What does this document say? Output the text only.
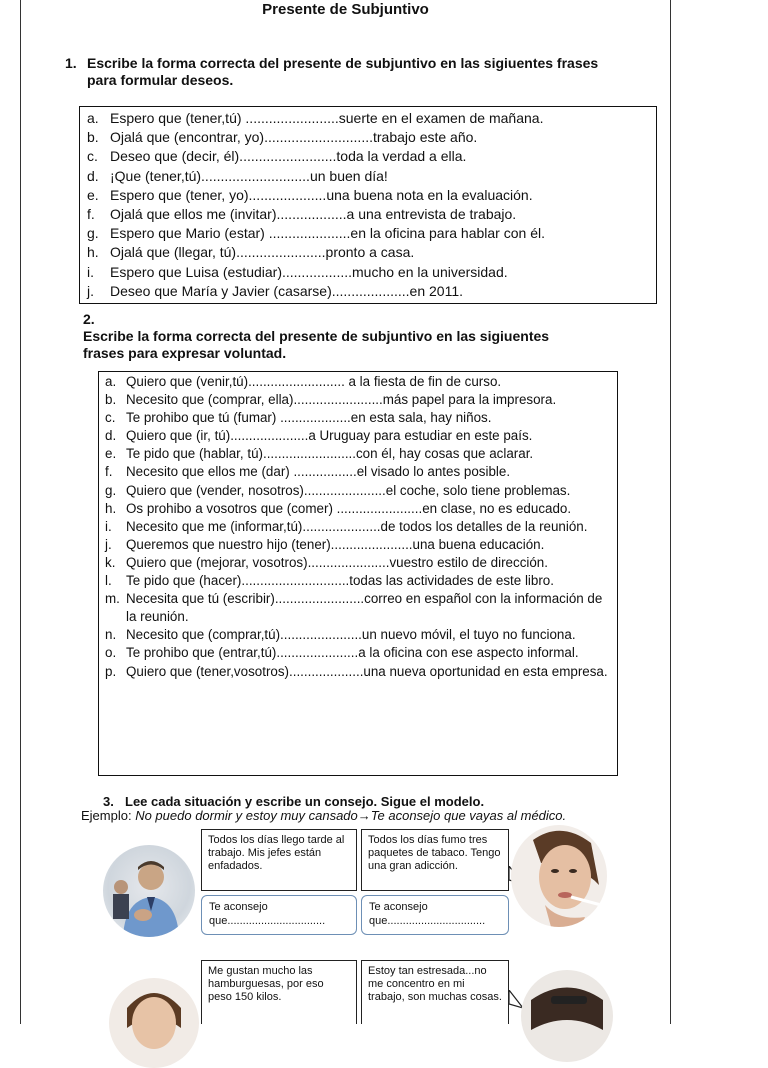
Presente de Subjuntivo
1. Escribe la forma correcta del presente de subjuntivo en las sigiuentes frases para formular deseos.
a. Espero que (tener,tú) ........................suerte en el examen de mañana.
b. Ojalá que (encontrar, yo)............................trabajo este año.
c. Deseo que (decir, él).........................toda la verdad a ella.
d. ¡Que (tener,tú)............................un buen día!
e. Espero que (tener, yo)....................una buena nota en la evaluación.
f. Ojalá que ellos me (invitar)..................a una entrevista de trabajo.
g. Espero que Mario (estar) .....................en la oficina para hablar con él.
h. Ojalá que (llegar, tú).......................pronto a casa.
i. Espero que Luisa (estudiar)..................mucho en la universidad.
j. Deseo que María y Javier (casarse)....................en 2011.
2.Escribe la forma correcta del presente de subjuntivo en las sigiuentes frases para expresar voluntad.
a. Quiero que (venir,tú).......................... a la fiesta de fin de curso.
b. Necesito que (comprar, ella)........................más papel para la impresora.
c. Te prohibo que tú (fumar) ...................en esta sala, hay niños.
d. Quiero que (ir, tú).....................a Uruguay para estudiar en este país.
e. Te pido que (hablar, tú).........................con él, hay cosas que aclarar.
f. Necesito que ellos me (dar) .................el visado lo antes posible.
g. Quiero que (vender, nosotros)......................el coche, solo tiene problemas.
h. Os prohibo a vosotros que (comer) .......................en clase, no es educado.
i. Necesito que me (informar,tú).....................de todos los detalles de la reunión.
j. Queremos que nuestro hijo (tener)......................una buena educación.
k. Quiero que (mejorar, vosotros)......................vuestro estilo de dirección.
l. Te pido que (hacer).............................todas las actividades de este libro.
m. Necesita que tú (escribir)........................correo en español con la información de la reunión.
n. Necesito que (comprar,tú)......................un nuevo móvil, el tuyo no funciona.
o. Te prohibo que (entrar,tú)......................a la oficina con ese aspecto informal.
p. Quiero que (tener,vosotros)....................una nueva oportunidad en esta empresa.
3. Lee cada situación y escribe un consejo. Sigue el modelo.
Ejemplo: No puedo dormir y estoy muy cansado→Te aconsejo que vayas al médico.
Todos los días llego tarde al trabajo. Mis jefes están enfadados.
Te aconsejo
que................................
Todos los días fumo tres paquetes de tabaco. Tengo una gran adicción.
Te aconsejo
que................................
Me gustan mucho las hamburguesas, por eso peso 150 kilos.
Estoy tan estresada...no me concentro en mi trabajo, son muchas cosas.
